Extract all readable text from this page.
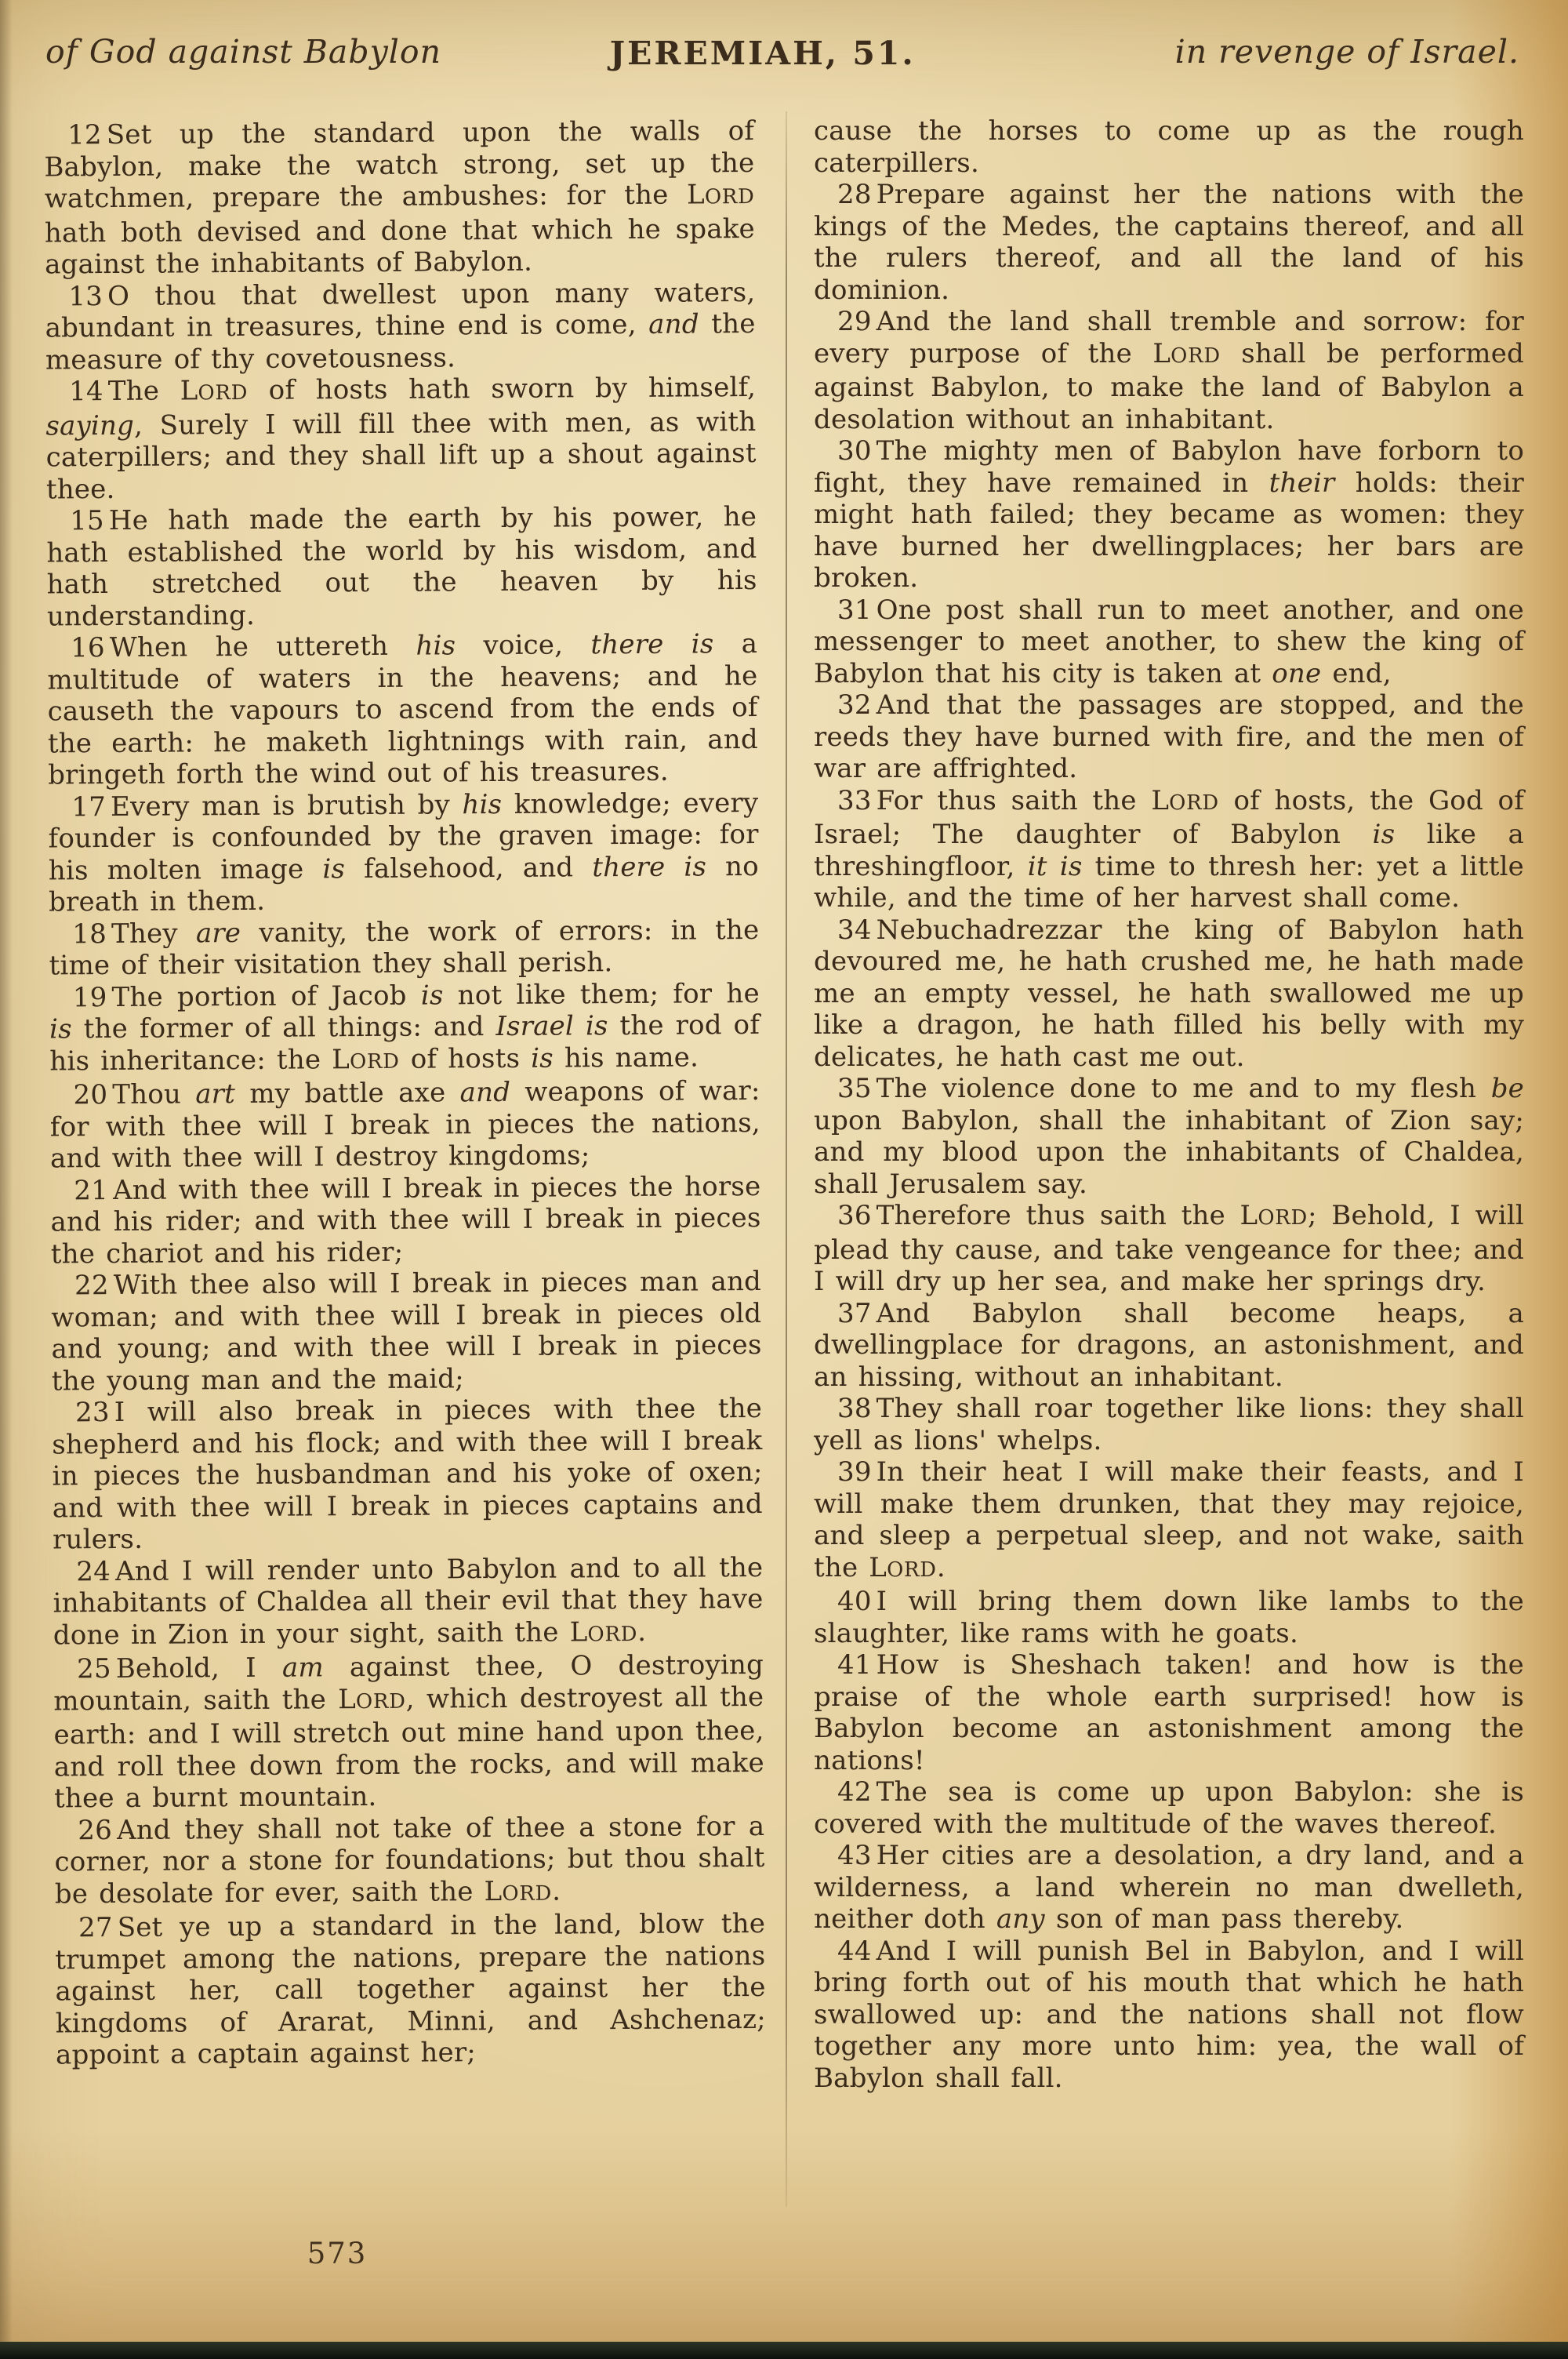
of God against Babylon	JEREMIAH, 51.	in revenge of Israel.

12 Set up the standard upon the walls of Babylon, make the watch strong, set up the watchmen, prepare the ambushes: for the LORD hath both devised and done that which he spake against the inhabitants of Babylon.

13 O thou that dwellest upon many waters, abundant in treasures, thine end is come, and the measure of thy covetousness.

14 The LORD of hosts hath sworn by himself, saying, Surely I will fill thee with men, as with caterpillers; and they shall lift up a shout against thee.

15 He hath made the earth by his power, he hath established the world by his wisdom, and hath stretched out the heaven by his understanding.

16 When he uttereth his voice, there is a multitude of waters in the heavens; and he causeth the vapours to ascend from the ends of the earth: he maketh lightnings with rain, and bringeth forth the wind out of his treasures.

17 Every man is brutish by his knowledge; every founder is confounded by the graven image: for his molten image is falsehood, and there is no breath in them.

18 They are vanity, the work of errors: in the time of their visitation they shall perish.

19 The portion of Jacob is not like them; for he is the former of all things: and Israel is the rod of his inheritance: the LORD of hosts is his name.

20 Thou art my battle axe and weapons of war: for with thee will I break in pieces the nations, and with thee will I destroy kingdoms;

21 And with thee will I break in pieces the horse and his rider; and with thee will I break in pieces the chariot and his rider;

22 With thee also will I break in pieces man and woman; and with thee will I break in pieces old and young; and with thee will I break in pieces the young man and the maid;

23 I will also break in pieces with thee the shepherd and his flock; and with thee will I break in pieces the husbandman and his yoke of oxen; and with thee will I break in pieces captains and rulers.

24 And I will render unto Babylon and to all the inhabitants of Chaldea all their evil that they have done in Zion in your sight, saith the LORD.

25 Behold, I am against thee, O destroying mountain, saith the LORD, which destroyest all the earth: and I will stretch out mine hand upon thee, and roll thee down from the rocks, and will make thee a burnt mountain.

26 And they shall not take of thee a stone for a corner, nor a stone for foundations; but thou shalt be desolate for ever, saith the LORD.

27 Set ye up a standard in the land, blow the trumpet among the nations, prepare the nations against her, call together against her the kingdoms of Ararat, Minni, and Ashchenaz; appoint a captain against her;

cause the horses to come up as the rough caterpillers.

28 Prepare against her the nations with the kings of the Medes, the captains thereof, and all the rulers thereof, and all the land of his dominion.

29 And the land shall tremble and sorrow: for every purpose of the LORD shall be performed against Babylon, to make the land of Babylon a desolation without an inhabitant.

30 The mighty men of Babylon have forborn to fight, they have remained in their holds: their might hath failed; they became as women: they have burned her dwellingplaces; her bars are broken.

31 One post shall run to meet another, and one messenger to meet another, to shew the king of Babylon that his city is taken at one end,

32 And that the passages are stopped, and the reeds they have burned with fire, and the men of war are affrighted.

33 For thus saith the LORD of hosts, the God of Israel; The daughter of Babylon is like a threshingfloor, it is time to thresh her: yet a little while, and the time of her harvest shall come.

34 Nebuchadrezzar the king of Babylon hath devoured me, he hath crushed me, he hath made me an empty vessel, he hath swallowed me up like a dragon, he hath filled his belly with my delicates, he hath cast me out.

35 The violence done to me and to my flesh be upon Babylon, shall the inhabitant of Zion say; and my blood upon the inhabitants of Chaldea, shall Jerusalem say.

36 Therefore thus saith the LORD; Behold, I will plead thy cause, and take vengeance for thee; and I will dry up her sea, and make her springs dry.

37 And Babylon shall become heaps, a dwellingplace for dragons, an astonishment, and an hissing, without an inhabitant.

38 They shall roar together like lions: they shall yell as lions' whelps.

39 In their heat I will make their feasts, and I will make them drunken, that they may rejoice, and sleep a perpetual sleep, and not wake, saith the LORD.

40 I will bring them down like lambs to the slaughter, like rams with he goats.

41 How is Sheshach taken! and how is the praise of the whole earth surprised! how is Babylon become an astonishment among the nations!

42 The sea is come up upon Babylon: she is covered with the multitude of the waves thereof.

43 Her cities are a desolation, a dry land, and a wilderness, a land wherein no man dwelleth, neither doth any son of man pass thereby.

44 And I will punish Bel in Babylon, and I will bring forth out of his mouth that which he hath swallowed up: and the nations shall not flow together any more unto him: yea, the wall of Babylon shall fall.

573
